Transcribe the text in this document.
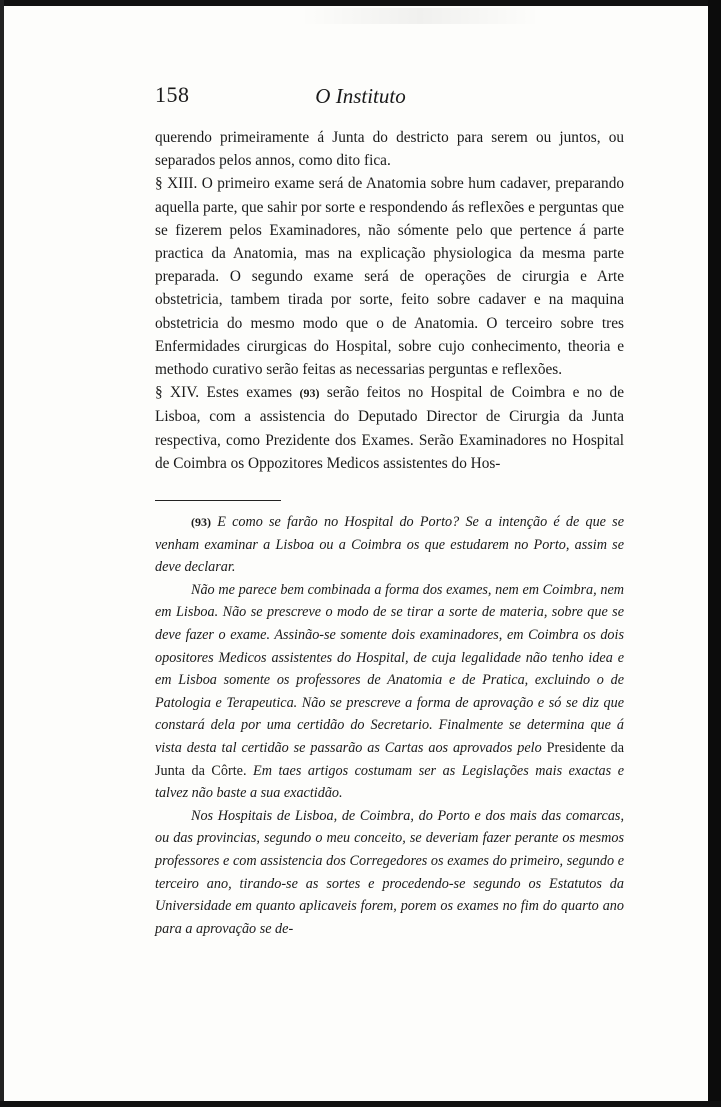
158	O Instituto

querendo primeiramente á Junta do destricto para serem ou juntos, ou separados pelos annos, como dito fica.

§ XIII. O primeiro exame será de Anatomia sobre hum cadaver, preparando aquella parte, que sahir por sorte e respondendo ás reflexões e perguntas que se fizerem pelos Examinadores, não sómente pelo que pertence á parte practica da Anatomia, mas na explicação physiologica da mesma parte preparada. O segundo exame será de operações de cirurgia e Arte obstetricia, tambem tirada por sorte, feito sobre cadaver e na maquina obstetricia do mesmo modo que o de Anatomia. O terceiro sobre tres Enfermidades cirurgicas do Hospital, sobre cujo conhecimento, theoria e methodo curativo serão feitas as necessarias perguntas e reflexões.

§ XIV. Estes exames (93) serão feitos no Hospital de Coimbra e no de Lisboa, com a assistencia do Deputado Director de Cirurgia da Junta respectiva, como Prezidente dos Exames. Serão Examinadores no Hospital de Coimbra os Oppozitores Medicos assistentes do Hos-

(93) E como se farão no Hospital do Porto? Se a intenção é de que se venham examinar a Lisboa ou a Coimbra os que estudarem no Porto, assim se deve declarar.

Não me parece bem combinada a forma dos exames, nem em Coimbra, nem em Lisboa. Não se prescreve o modo de se tirar a sorte de materia, sobre que se deve fazer o exame. Assinão-se somente dois examinadores, em Coimbra os dois opositores Medicos assistentes do Hospital, de cuja legalidade não tenho idea e em Lisboa somente os professores de Anatomia e de Pratica, excluindo o de Patologia e Terapeutica. Não se prescreve a forma de aprovação e só se diz que constará dela por uma certidão do Secretario. Finalmente se determina que á vista desta tal certidão se passarão as Cartas aos aprovados pelo Presidente da Junta da Côrte. Em taes artigos costumam ser as Legislações mais exactas e talvez não baste a sua exactidão.

Nos Hospitais de Lisboa, de Coimbra, do Porto e dos mais das comarcas, ou das provincias, segundo o meu conceito, se deveriam fazer perante os mesmos professores e com assistencia dos Corregedores os exames do primeiro, segundo e terceiro ano, tirando-se as sortes e procedendo-se segundo os Estatutos da Universidade em quanto aplicaveis forem, porem os exames no fim do quarto ano para a aprovação se de-
